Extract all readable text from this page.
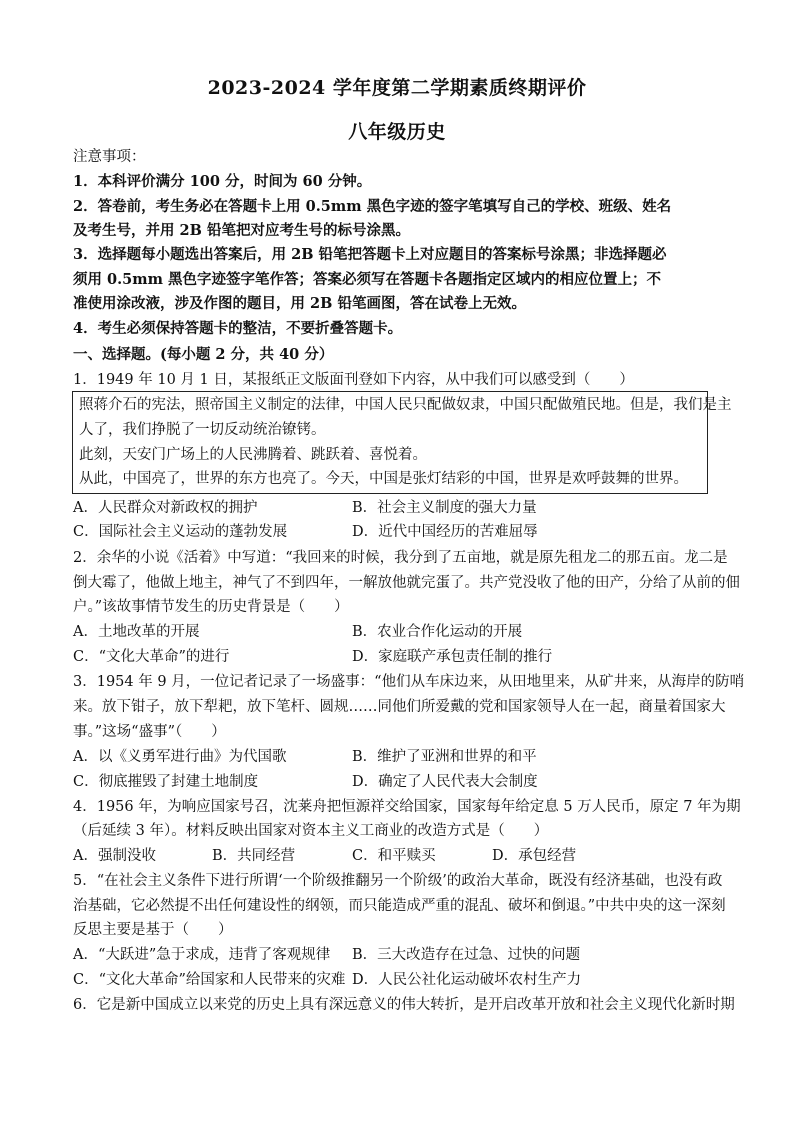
2023-2024 学年度第二学期素质终期评价
八年级历史
注意事项：
1．本科评价满分 100 分，时间为 60 分钟。
2．答卷前，考生务必在答题卡上用 0.5mm 黑色字迹的签字笔填写自己的学校、班级、姓名
及考生号，并用 2B 铅笔把对应考生号的标号涂黑。
3．选择题每小题选出答案后，用 2B 铅笔把答题卡上对应题目的答案标号涂黑；非选择题必
须用 0.5mm 黑色字迹签字笔作答；答案必须写在答题卡各题指定区域内的相应位置上；不
准使用涂改液，涉及作图的题目，用 2B 铅笔画图，答在试卷上无效。
4．考生必须保持答题卡的整洁，不要折叠答题卡。
一、选择题。(每小题 2 分，共 40 分）
1．1949 年 10 月 1 日，某报纸正文版面刊登如下内容，从中我们可以感受到（　　）
照蒋介石的宪法，照帝国主义制定的法律，中国人民只配做奴隶，中国只配做殖民地。但是，我们是主
人了，我们挣脱了一切反动统治镣铐。
此刻，天安门广场上的人民沸腾着、跳跃着、喜悦着。
从此，中国亮了，世界的东方也亮了。今天，中国是张灯结彩的中国，世界是欢呼鼓舞的世界。
A．人民群众对新政权的拥护	B．社会主义制度的强大力量
C．国际社会主义运动的蓬勃发展	D．近代中国经历的苦难屈辱
2．余华的小说《活着》中写道：“我回来的时候，我分到了五亩地，就是原先租龙二的那五亩。龙二是
倒大霉了，他做上地主，神气了不到四年，一解放他就完蛋了。共产党没收了他的田产，分给了从前的佃
户。”该故事情节发生的历史背景是（　　）
A．土地改革的开展	B．农业合作化运动的开展
C．“文化大革命”的进行	D．家庭联产承包责任制的推行
3．1954 年 9 月，一位记者记录了一场盛事：“他们从车床边来，从田地里来，从矿井来，从海岸的防哨
来。放下钳子，放下犁耙，放下笔杆、圆规……同他们所爱戴的党和国家领导人在一起，商量着国家大
事。”这场“盛事”（　　）
A．以《义勇军进行曲》为代国歌	B．维护了亚洲和世界的和平
C．彻底摧毁了封建土地制度	D．确定了人民代表大会制度
4．1956 年，为响应国家号召，沈莱舟把恒源祥交给国家，国家每年给定息 5 万人民币，原定 7 年为期
（后延续 3 年）。材料反映出国家对资本主义工商业的改造方式是（　　）
A．强制没收	B．共同经营	C．和平赎买	D．承包经营
5．“在社会主义条件下进行所谓‘一个阶级推翻另一个阶级’的政治大革命，既没有经济基础，也没有政
治基础，它必然提不出任何建设性的纲领，而只能造成严重的混乱、破坏和倒退。”中共中央的这一深刻
反思主要是基于（　　）
A．“大跃进”急于求成，违背了客观规律 B．三大改造存在过急、过快的问题
C．“文化大革命”给国家和人民带来的灾难 D．人民公社化运动破坏农村生产力
6．它是新中国成立以来党的历史上具有深远意义的伟大转折，是开启改革开放和社会主义现代化新时期
